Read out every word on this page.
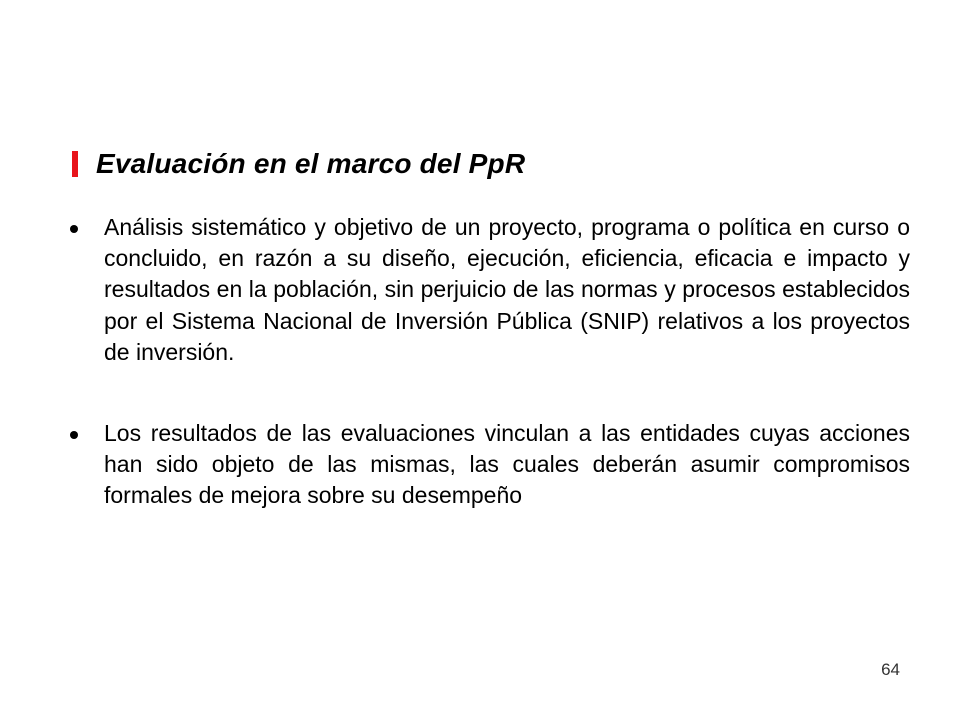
Evaluación en el marco del PpR
Análisis sistemático y objetivo de un proyecto, programa o política en curso o concluido, en razón a su diseño, ejecución, eficiencia, eficacia e impacto y resultados en la población, sin perjuicio de las normas y procesos establecidos por el Sistema Nacional de Inversión Pública (SNIP) relativos a los proyectos de inversión.
Los resultados de las evaluaciones vinculan a las entidades cuyas acciones han sido objeto de las mismas, las cuales deberán asumir compromisos formales de mejora sobre su desempeño
64
